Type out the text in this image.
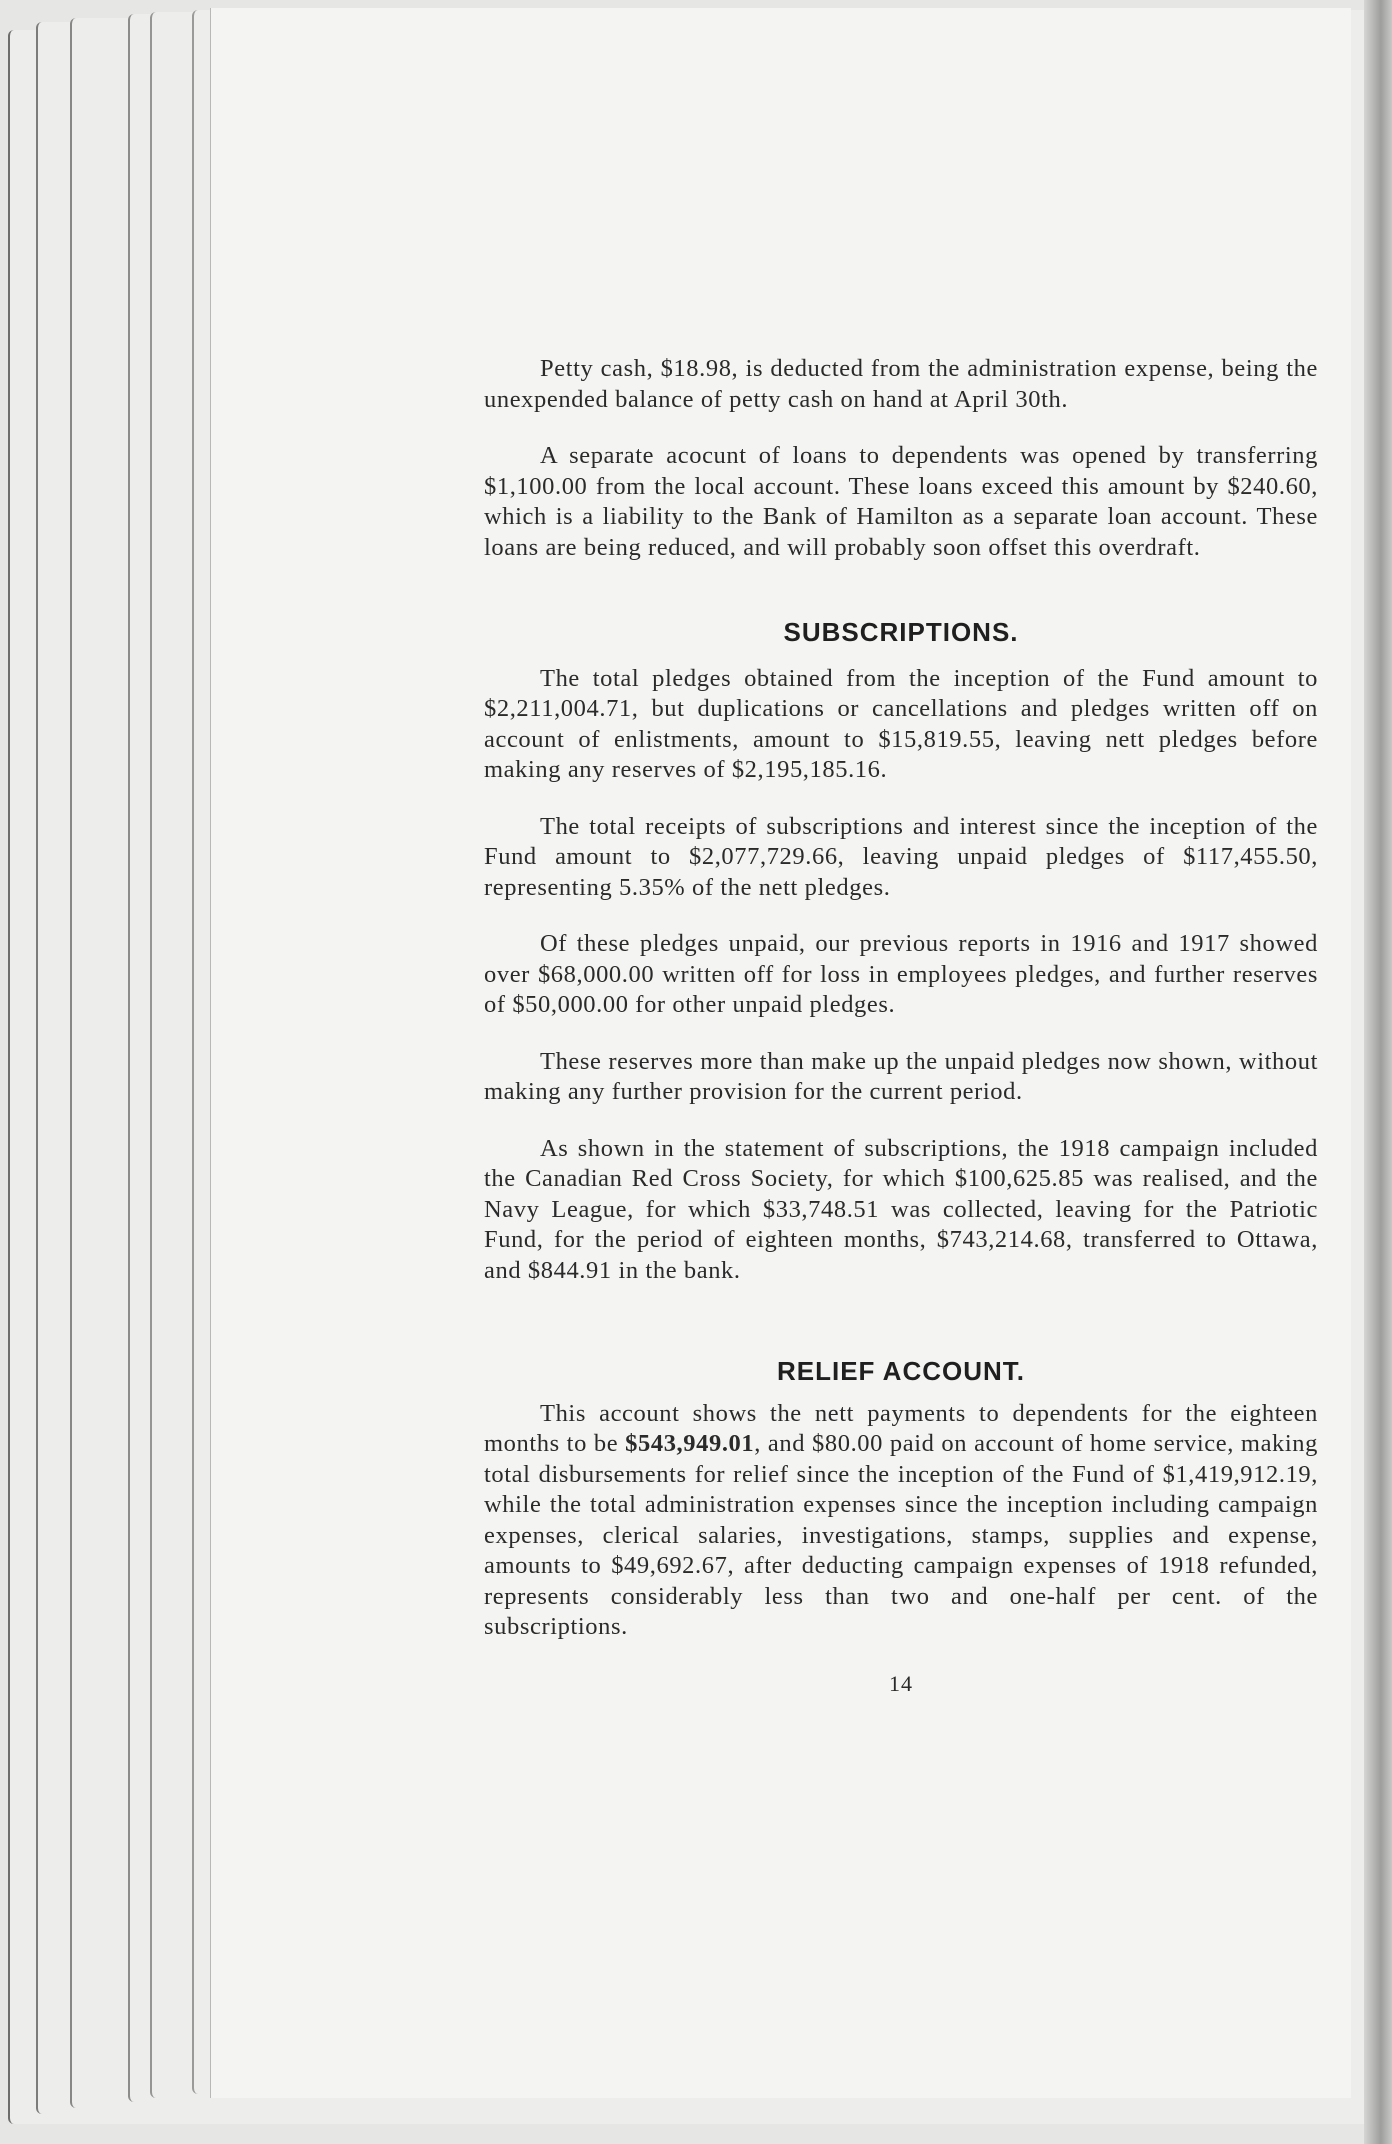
Petty cash, $18.98, is deducted from the administration expense, being the unexpended balance of petty cash on hand at April 30th.

A separate acocunt of loans to dependents was opened by transferring $1,100.00 from the local account. These loans exceed this amount by $240.60, which is a liability to the Bank of Hamilton as a separate loan account. These loans are being reduced, and will probably soon offset this overdraft.

SUBSCRIPTIONS.

The total pledges obtained from the inception of the Fund amount to $2,211,004.71, but duplications or cancellations and pledges written off on account of enlistments, amount to $15,819.55, leaving nett pledges before making any reserves of $2,195,185.16.

The total receipts of subscriptions and interest since the inception of the Fund amount to $2,077,729.66, leaving unpaid pledges of $117,455.50, representing 5.35% of the nett pledges.

Of these pledges unpaid, our previous reports in 1916 and 1917 showed over $68,000.00 written off for loss in employees pledges, and further reserves of $50,000.00 for other unpaid pledges.

These reserves more than make up the unpaid pledges now shown, without making any further provision for the current period.

As shown in the statement of subscriptions, the 1918 campaign included the Canadian Red Cross Society, for which $100,625.85 was realised, and the Navy League, for which $33,748.51 was collected, leaving for the Patriotic Fund, for the period of eighteen months, $743,214.68, transferred to Ottawa, and $844.91 in the bank.

RELIEF ACCOUNT.

This account shows the nett payments to dependents for the eighteen months to be $543,949.01, and $80.00 paid on account of home service, making total disbursements for relief since the inception of the Fund of $1,419,912.19, while the total administration expenses since the inception including campaign expenses, clerical salaries, investigations, stamps, supplies and expense, amounts to $49,692.67, after deducting campaign expenses of 1918 refunded, represents considerably less than two and one-half per cent. of the subscriptions.

14
